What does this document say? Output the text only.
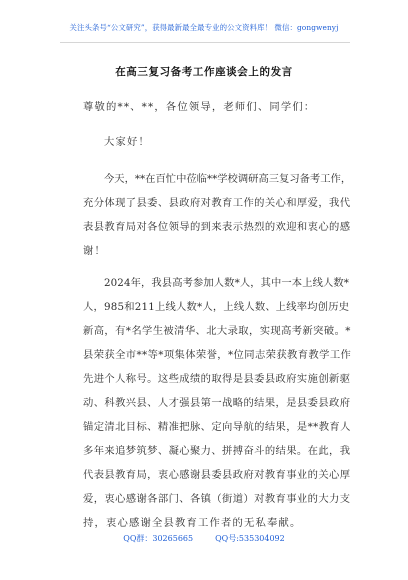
关注头条号“公文研究”，获得最新最全最专业的公文资料库！ 微信：gongwenyj
在高三复习备考工作座谈会上的发言
尊敬的**、**，各位领导，老师们、同学们：
大家好！
今天，**在百忙中莅临**学校调研高三复习备考工作，
充分体现了县委、县政府对教育工作的关心和厚爱，我代
表县教育局对各位领导的到来表示热烈的欢迎和衷心的感
谢！
2024年，我县高考参加人数*人，其中一本上线人数*
人，985和211上线人数*人，上线人数、上线率均创历史
新高，有*名学生被清华、北大录取，实现高考新突破。*
县荣获全市**等*项集体荣誉，*位同志荣获教育教学工作
先进个人称号。这些成绩的取得是县委县政府实施创新驱
动、科教兴县、人才强县第一战略的结果，是县委县政府
锚定清北目标、精准把脉、定向导航的结果，是**教育人
多年来追梦筑梦、凝心聚力、拼搏奋斗的结果。在此，我
代表县教育局，衷心感谢县委县政府对教育事业的关心厚
爱，衷心感谢各部门、各镇（街道）对教育事业的大力支
持，衷心感谢全县教育工作者的无私奉献。
QQ群：30265665	QQ号:535304092
